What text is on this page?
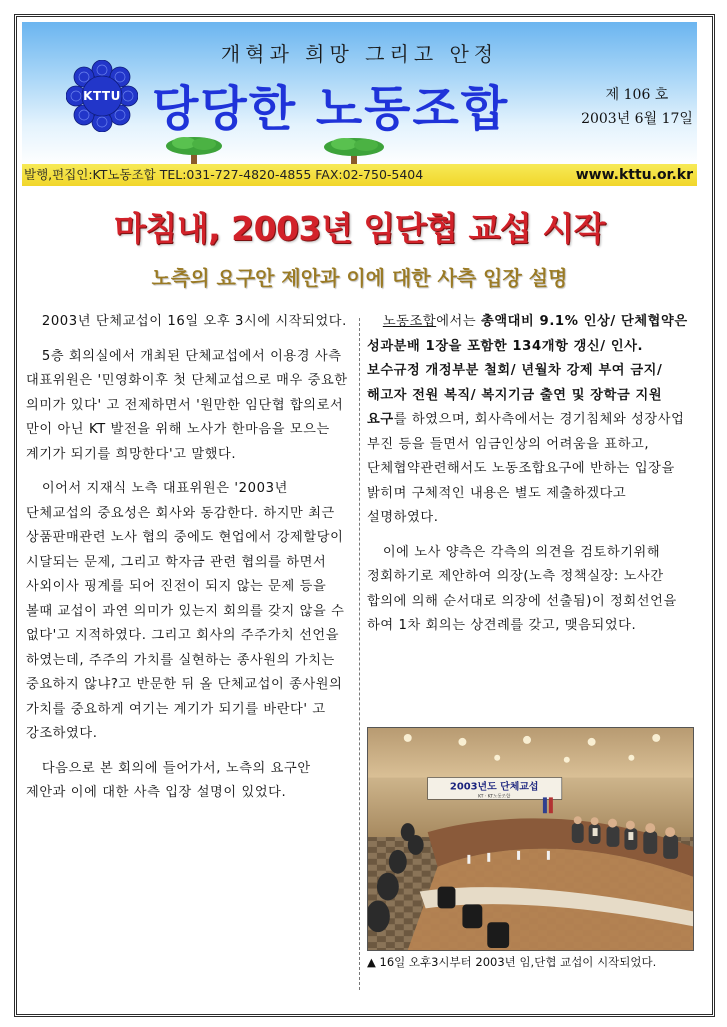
개혁과 희망 그리고 안정
KTTU 당당한 노동조합	제 106 호
2003년 6월 17일
발행,편집인:KT노동조합 TEL:031-727-4820-4855 FAX:02-750-5404	www.kttu.or.kr
마침내, 2003년 임단협 교섭 시작
노측의 요구안 제안과 이에 대한 사측 입장 설명

2003년 단체교섭이 16일 오후 3시에 시작되었다.

5층 회의실에서 개최된 단체교섭에서 이용경 사측 대표위원은 '민영화이후 첫 단체교섭으로 매우 중요한 의미가 있다' 고 전제하면서 '원만한 임단협 합의로서 만이 아닌 KT 발전을 위해 노사가 한마음을 모으는 계기가 되기를 희망한다'고 말했다.

이어서 지재식 노측 대표위원은 '2003년 단체교섭의 중요성은 회사와 동감한다. 하지만 최근 상품판매관련 노사 협의 중에도 현업에서 강제할당이 시달되는 문제, 그리고 학자금 관련 협의를 하면서 사외이사 핑계를 되어 진전이 되지 않는 문제 등을 볼때 교섭이 과연 의미가 있는지 회의를 갖지 않을 수 없다'고 지적하였다. 그리고 회사의 주주가치 선언을 하였는데, 주주의 가치를 실현하는 종사원의 가치는 중요하지 않냐?고 반문한 뒤 올 단체교섭이 종사원의 가치를 중요하게 여기는 계기가 되기를 바란다' 고 강조하였다.

다음으로 본 회의에 들어가서, 노측의 요구안 제안과 이에 대한 사측 입장 설명이 있었다.

노동조합에서는 총액대비 9.1% 인상/ 단체협약은 성과분배 1장을 포함한 134개항 갱신/ 인사.보수규정 개정부분 철회/ 년월차 강제 부여 금지/ 해고자 전원 복직/ 복지기금 출연 및 장학금 지원 요구를 하였으며, 회사측에서는 경기침체와 성장사업 부진 등을 들면서 임금인상의 어려움을 표하고, 단체협약관련해서도 노동조합요구에 반하는 입장을 밝히며 구체적인 내용은 별도 제출하겠다고 설명하였다.

이에 노사 양측은 각측의 의견을 검토하기위해 정회하기로 제안하여 의장(노측 정책실장: 노사간 합의에 의해 순서대로 의장에 선출됨)이 정회선언을 하여 1차 회의는 상견례를 갖고, 맺음되었다.

2003년도 단체교섭
KT · KT노동조합
▲ 16일 오후3시부터 2003년 임,단협 교섭이 시작되었다.
